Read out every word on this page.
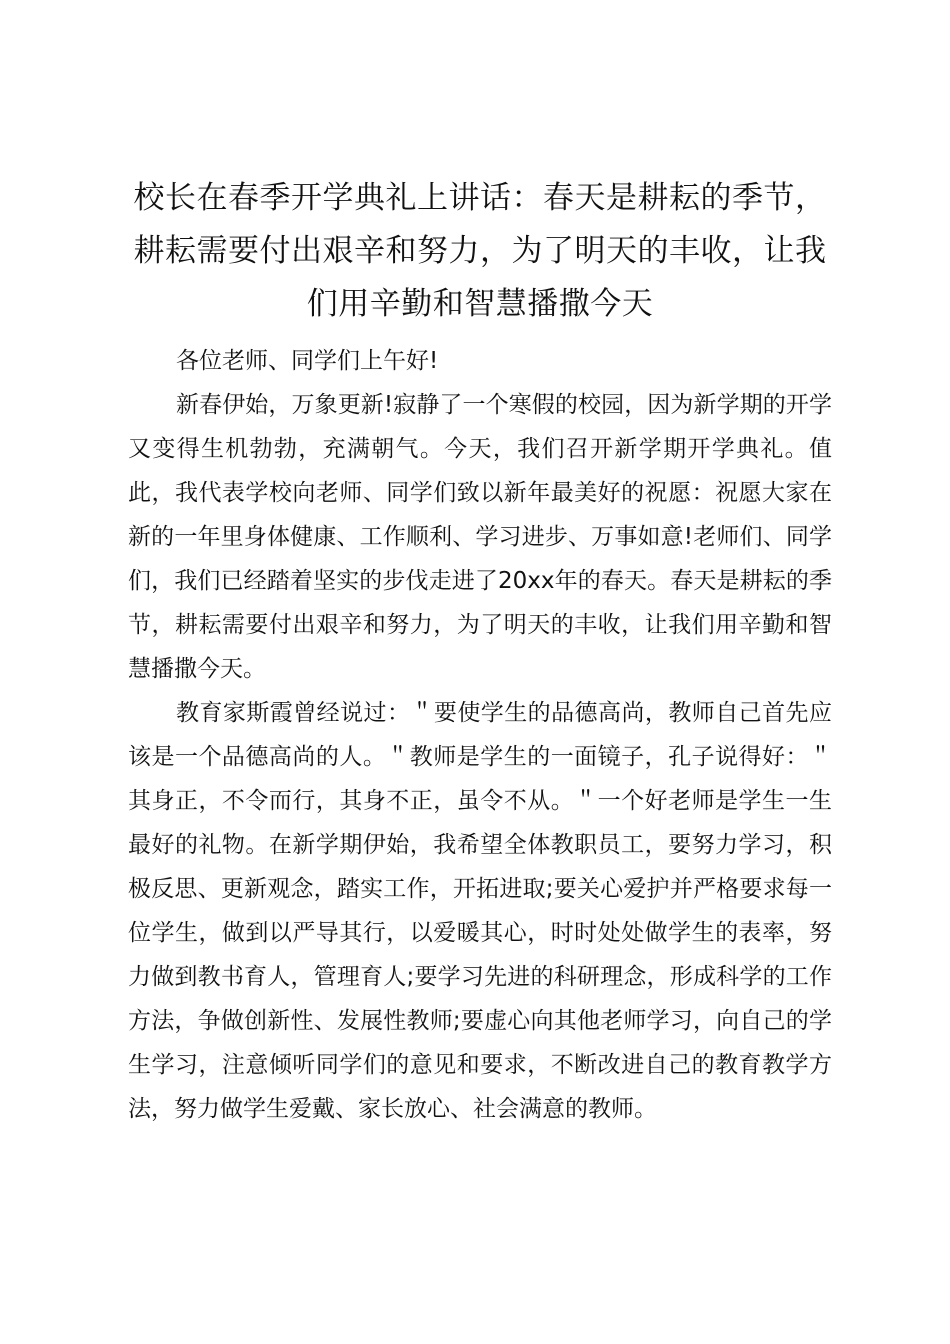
校长在春季开学典礼上讲话：春天是耕耘的季节，耕耘需要付出艰辛和努力，为了明天的丰收，让我们用辛勤和智慧播撒今天

各位老师、同学们上午好!

新春伊始，万象更新!寂静了一个寒假的校园，因为新学期的开学又变得生机勃勃，充满朝气。今天，我们召开新学期开学典礼。值此，我代表学校向老师、同学们致以新年最美好的祝愿：祝愿大家在新的一年里身体健康、工作顺利、学习进步、万事如意!老师们、同学们，我们已经踏着坚实的步伐走进了20xx年的春天。春天是耕耘的季节，耕耘需要付出艰辛和努力，为了明天的丰收，让我们用辛勤和智慧播撒今天。

教育家斯霞曾经说过：＂要使学生的品德高尚，教师自己首先应该是一个品德高尚的人。＂教师是学生的一面镜子，孔子说得好：＂其身正，不令而行，其身不正，虽令不从。＂一个好老师是学生一生最好的礼物。在新学期伊始，我希望全体教职员工，要努力学习，积极反思、更新观念，踏实工作，开拓进取;要关心爱护并严格要求每一位学生，做到以严导其行，以爱暖其心，时时处处做学生的表率，努力做到教书育人，管理育人;要学习先进的科研理念，形成科学的工作方法，争做创新性、发展性教师;要虚心向其他老师学习，向自己的学生学习，注意倾听同学们的意见和要求，不断改进自己的教育教学方法，努力做学生爱戴、家长放心、社会满意的教师。
